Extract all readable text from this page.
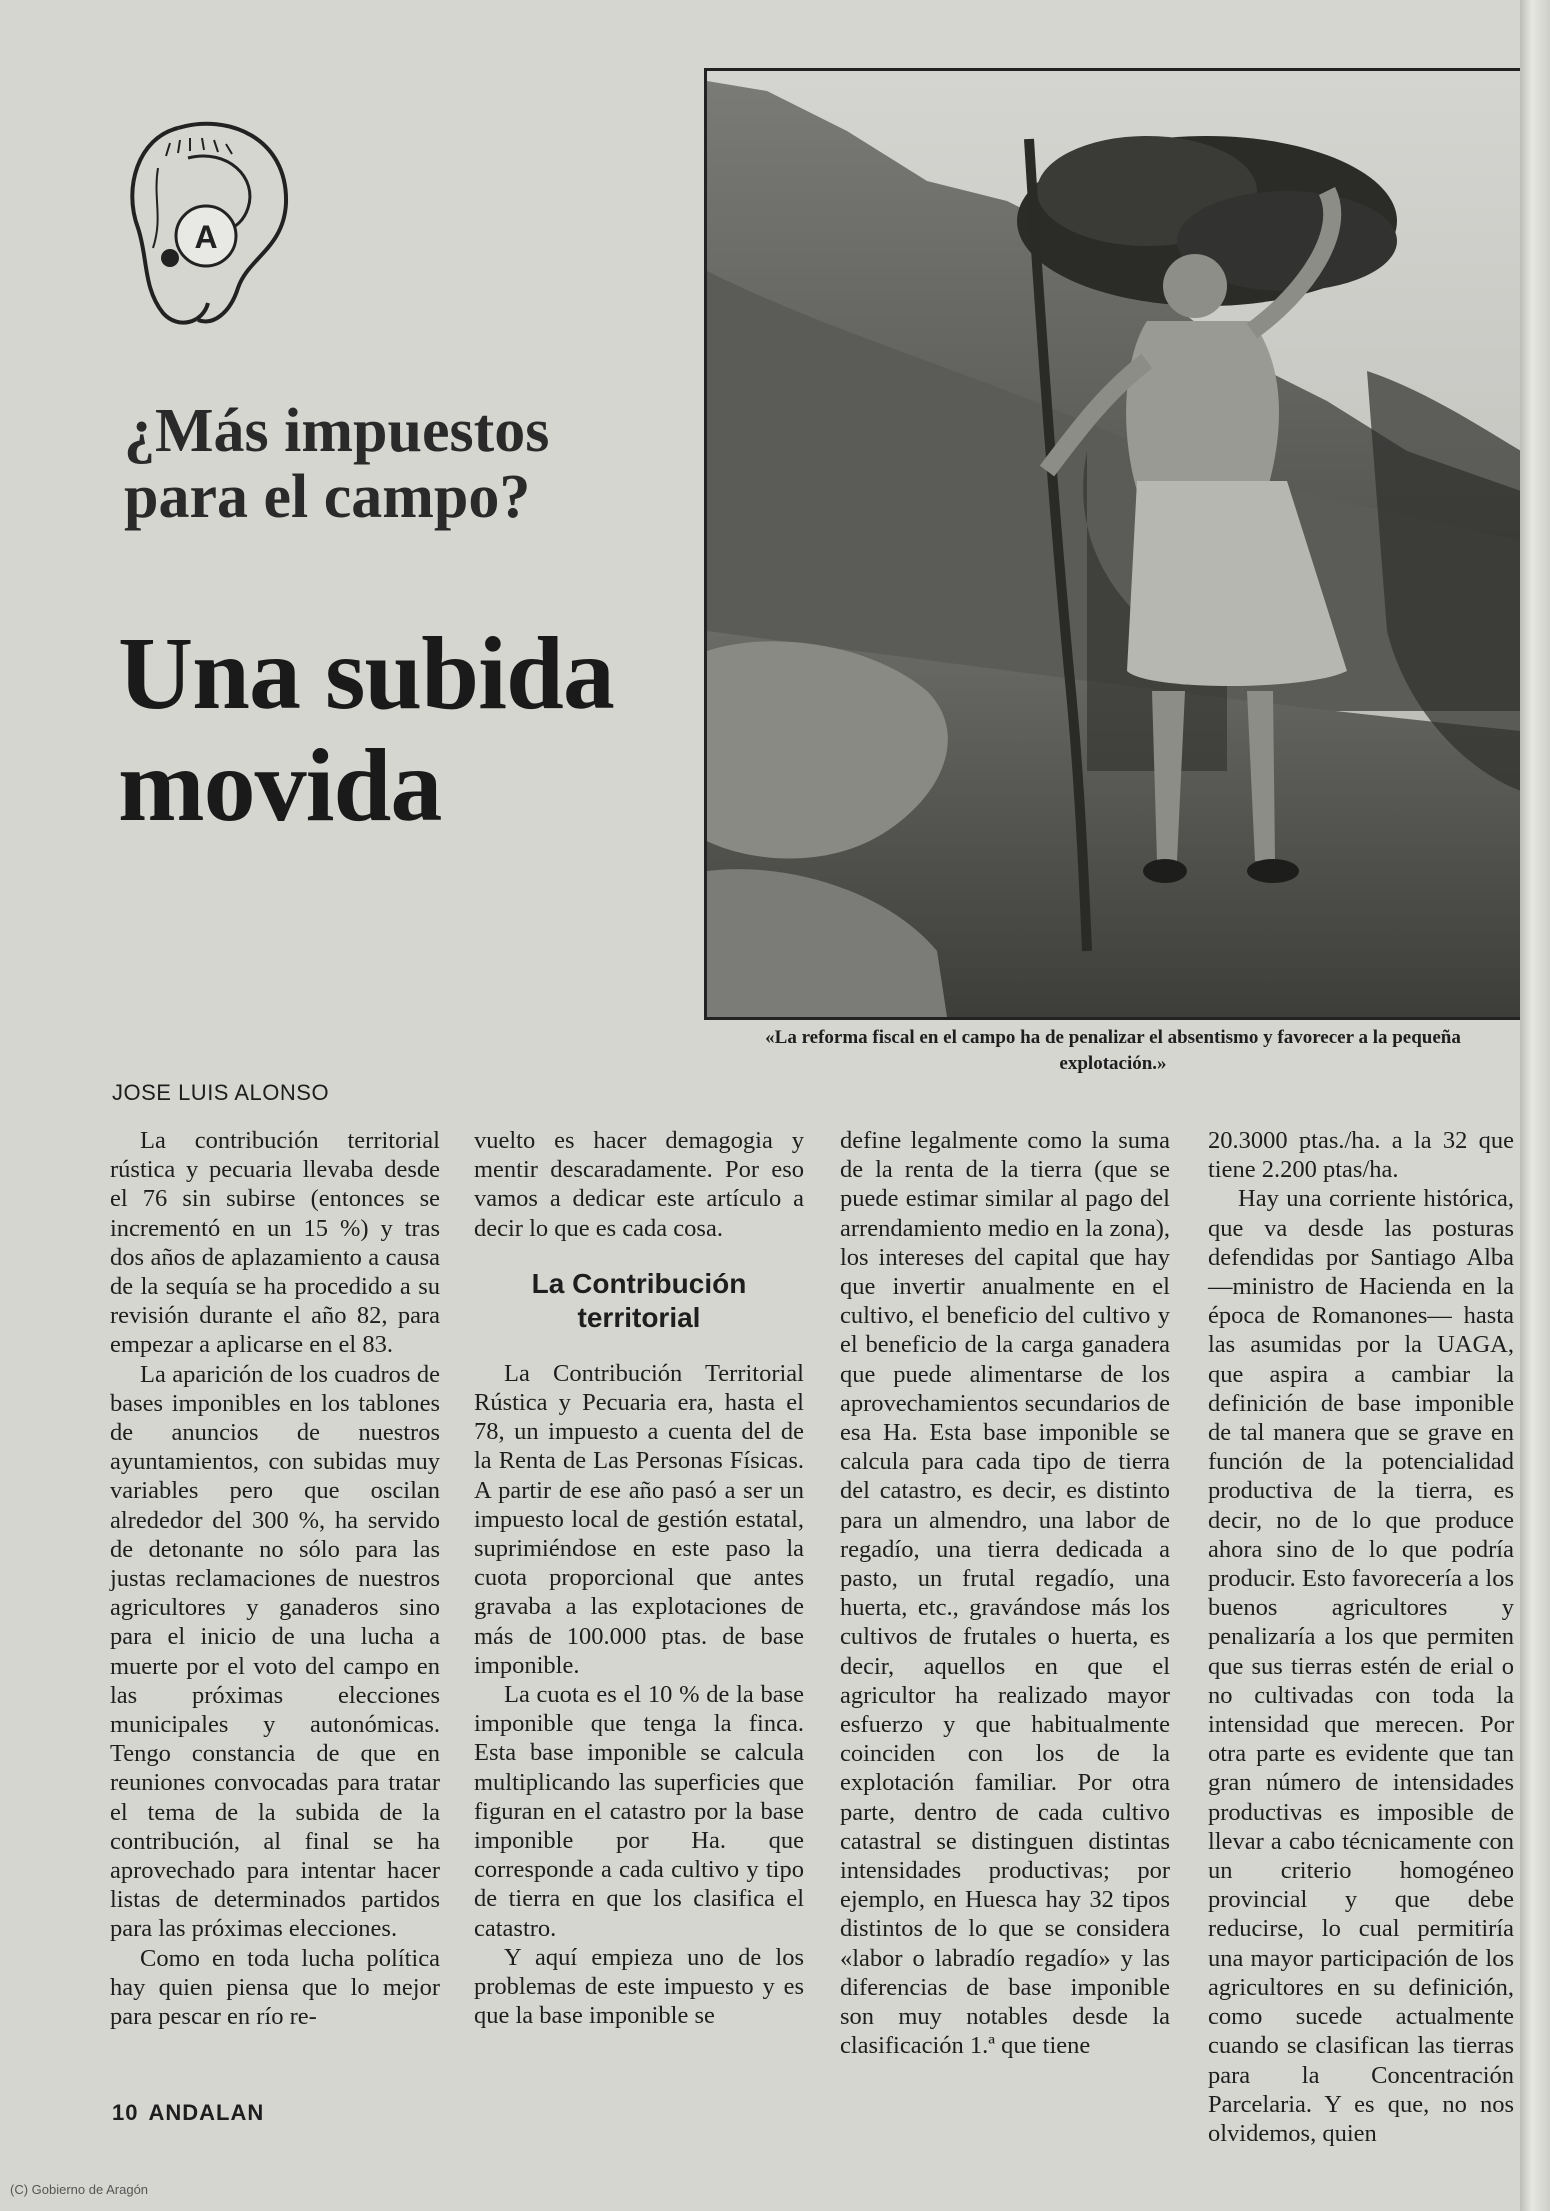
A
¿Más impuestos para el campo?
Una subida movida
«La reforma fiscal en el campo ha de penalizar el absentismo y favorecer a la pequeña explotación.»
JOSE LUIS ALONSO

La contribución territorial rústica y pecuaria llevaba desde el 76 sin subirse (entonces se incrementó en un 15 %) y tras dos años de aplazamiento a causa de la sequía se ha procedido a su revisión durante el año 82, para empezar a aplicarse en el 83.

La aparición de los cuadros de bases imponibles en los tablones de anuncios de nuestros ayuntamientos, con subidas muy variables pero que oscilan alrededor del 300 %, ha servido de detonante no sólo para las justas reclamaciones de nuestros agricultores y ganaderos sino para el inicio de una lucha a muerte por el voto del campo en las próximas elecciones municipales y autonómicas. Tengo constancia de que en reuniones convocadas para tratar el tema de la subida de la contribución, al final se ha aprovechado para intentar hacer listas de determinados partidos para las próximas elecciones.

Como en toda lucha política hay quien piensa que lo mejor para pescar en río re-

vuelto es hacer demagogia y mentir descaradamente. Por eso vamos a dedicar este artículo a decir lo que es cada cosa.

La Contribución territorial

La Contribución Territorial Rústica y Pecuaria era, hasta el 78, un impuesto a cuenta del de la Renta de Las Personas Físicas. A partir de ese año pasó a ser un impuesto local de gestión estatal, suprimiéndose en este paso la cuota proporcional que antes gravaba a las explotaciones de más de 100.000 ptas. de base imponible.

La cuota es el 10 % de la base imponible que tenga la finca. Esta base imponible se calcula multiplicando las superficies que figuran en el catastro por la base imponible por Ha. que corresponde a cada cultivo y tipo de tierra en que los clasifica el catastro.

Y aquí empieza uno de los problemas de este impuesto y es que la base imponible se

define legalmente como la suma de la renta de la tierra (que se puede estimar similar al pago del arrendamiento medio en la zona), los intereses del capital que hay que invertir anualmente en el cultivo, el beneficio del cultivo y el beneficio de la carga ganadera que puede alimentarse de los aprovechamientos secundarios de esa Ha. Esta base imponible se calcula para cada tipo de tierra del catastro, es decir, es distinto para un almendro, una labor de regadío, una tierra dedicada a pasto, un frutal regadío, una huerta, etc., gravándose más los cultivos de frutales o huerta, es decir, aquellos en que el agricultor ha realizado mayor esfuerzo y que habitualmente coinciden con los de la explotación familiar. Por otra parte, dentro de cada cultivo catastral se distinguen distintas intensidades productivas; por ejemplo, en Huesca hay 32 tipos distintos de lo que se considera «labor o labradío regadío» y las diferencias de base imponible son muy notables desde la clasificación 1.ª que tiene

20.3000 ptas./ha. a la 32 que tiene 2.200 ptas/ha.

Hay una corriente histórica, que va desde las posturas defendidas por Santiago Alba —ministro de Hacienda en la época de Romanones— hasta las asumidas por la UAGA, que aspira a cambiar la definición de base imponible de tal manera que se grave en función de la potencialidad productiva de la tierra, es decir, no de lo que produce ahora sino de lo que podría producir. Esto favorecería a los buenos agricultores y penalizaría a los que permiten que sus tierras estén de erial o no cultivadas con toda la intensidad que merecen. Por otra parte es evidente que tan gran número de intensidades productivas es imposible de llevar a cabo técnicamente con un criterio homogéneo provincial y que debe reducirse, lo cual permitiría una mayor participación de los agricultores en su definición, como sucede actualmente cuando se clasifican las tierras para la Concentración Parcelaria. Y es que, no nos olvidemos, quien

10 ANDALAN
(C) Gobierno de Aragón
